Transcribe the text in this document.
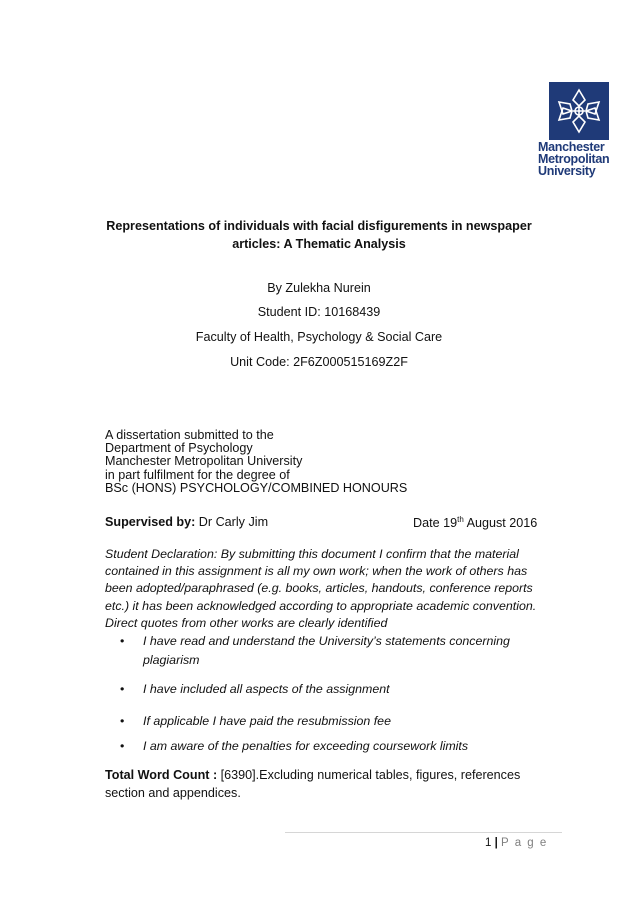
Manchester
Metropolitan
University
Representations of individuals with facial disfigurements in newspaper
articles: A Thematic Analysis
By Zulekha Nurein
Student ID: 10168439
Faculty of Health, Psychology & Social Care
Unit Code: 2F6Z000515169Z2F
A dissertation submitted to the
Department of Psychology
Manchester Metropolitan University
in part fulfilment for the degree of
BSc (HONS) PSYCHOLOGY/COMBINED HONOURS
Supervised by: Dr Carly Jim	Date 19th August 2016
Student Declaration: By submitting this document I confirm that the material
contained in this assignment is all my own work; when the work of others has
been adopted/paraphrased (e.g. books, articles, handouts, conference reports
etc.) it has been acknowledged according to appropriate academic convention.
Direct quotes from other works are clearly identified
• I have read and understand the University’s statements concerning
plagiarism
• I have included all aspects of the assignment
• If applicable I have paid the resubmission fee
• I am aware of the penalties for exceeding coursework limits
Total Word Count : [6390].Excluding numerical tables, figures, references
section and appendices.
1 | P a g e
